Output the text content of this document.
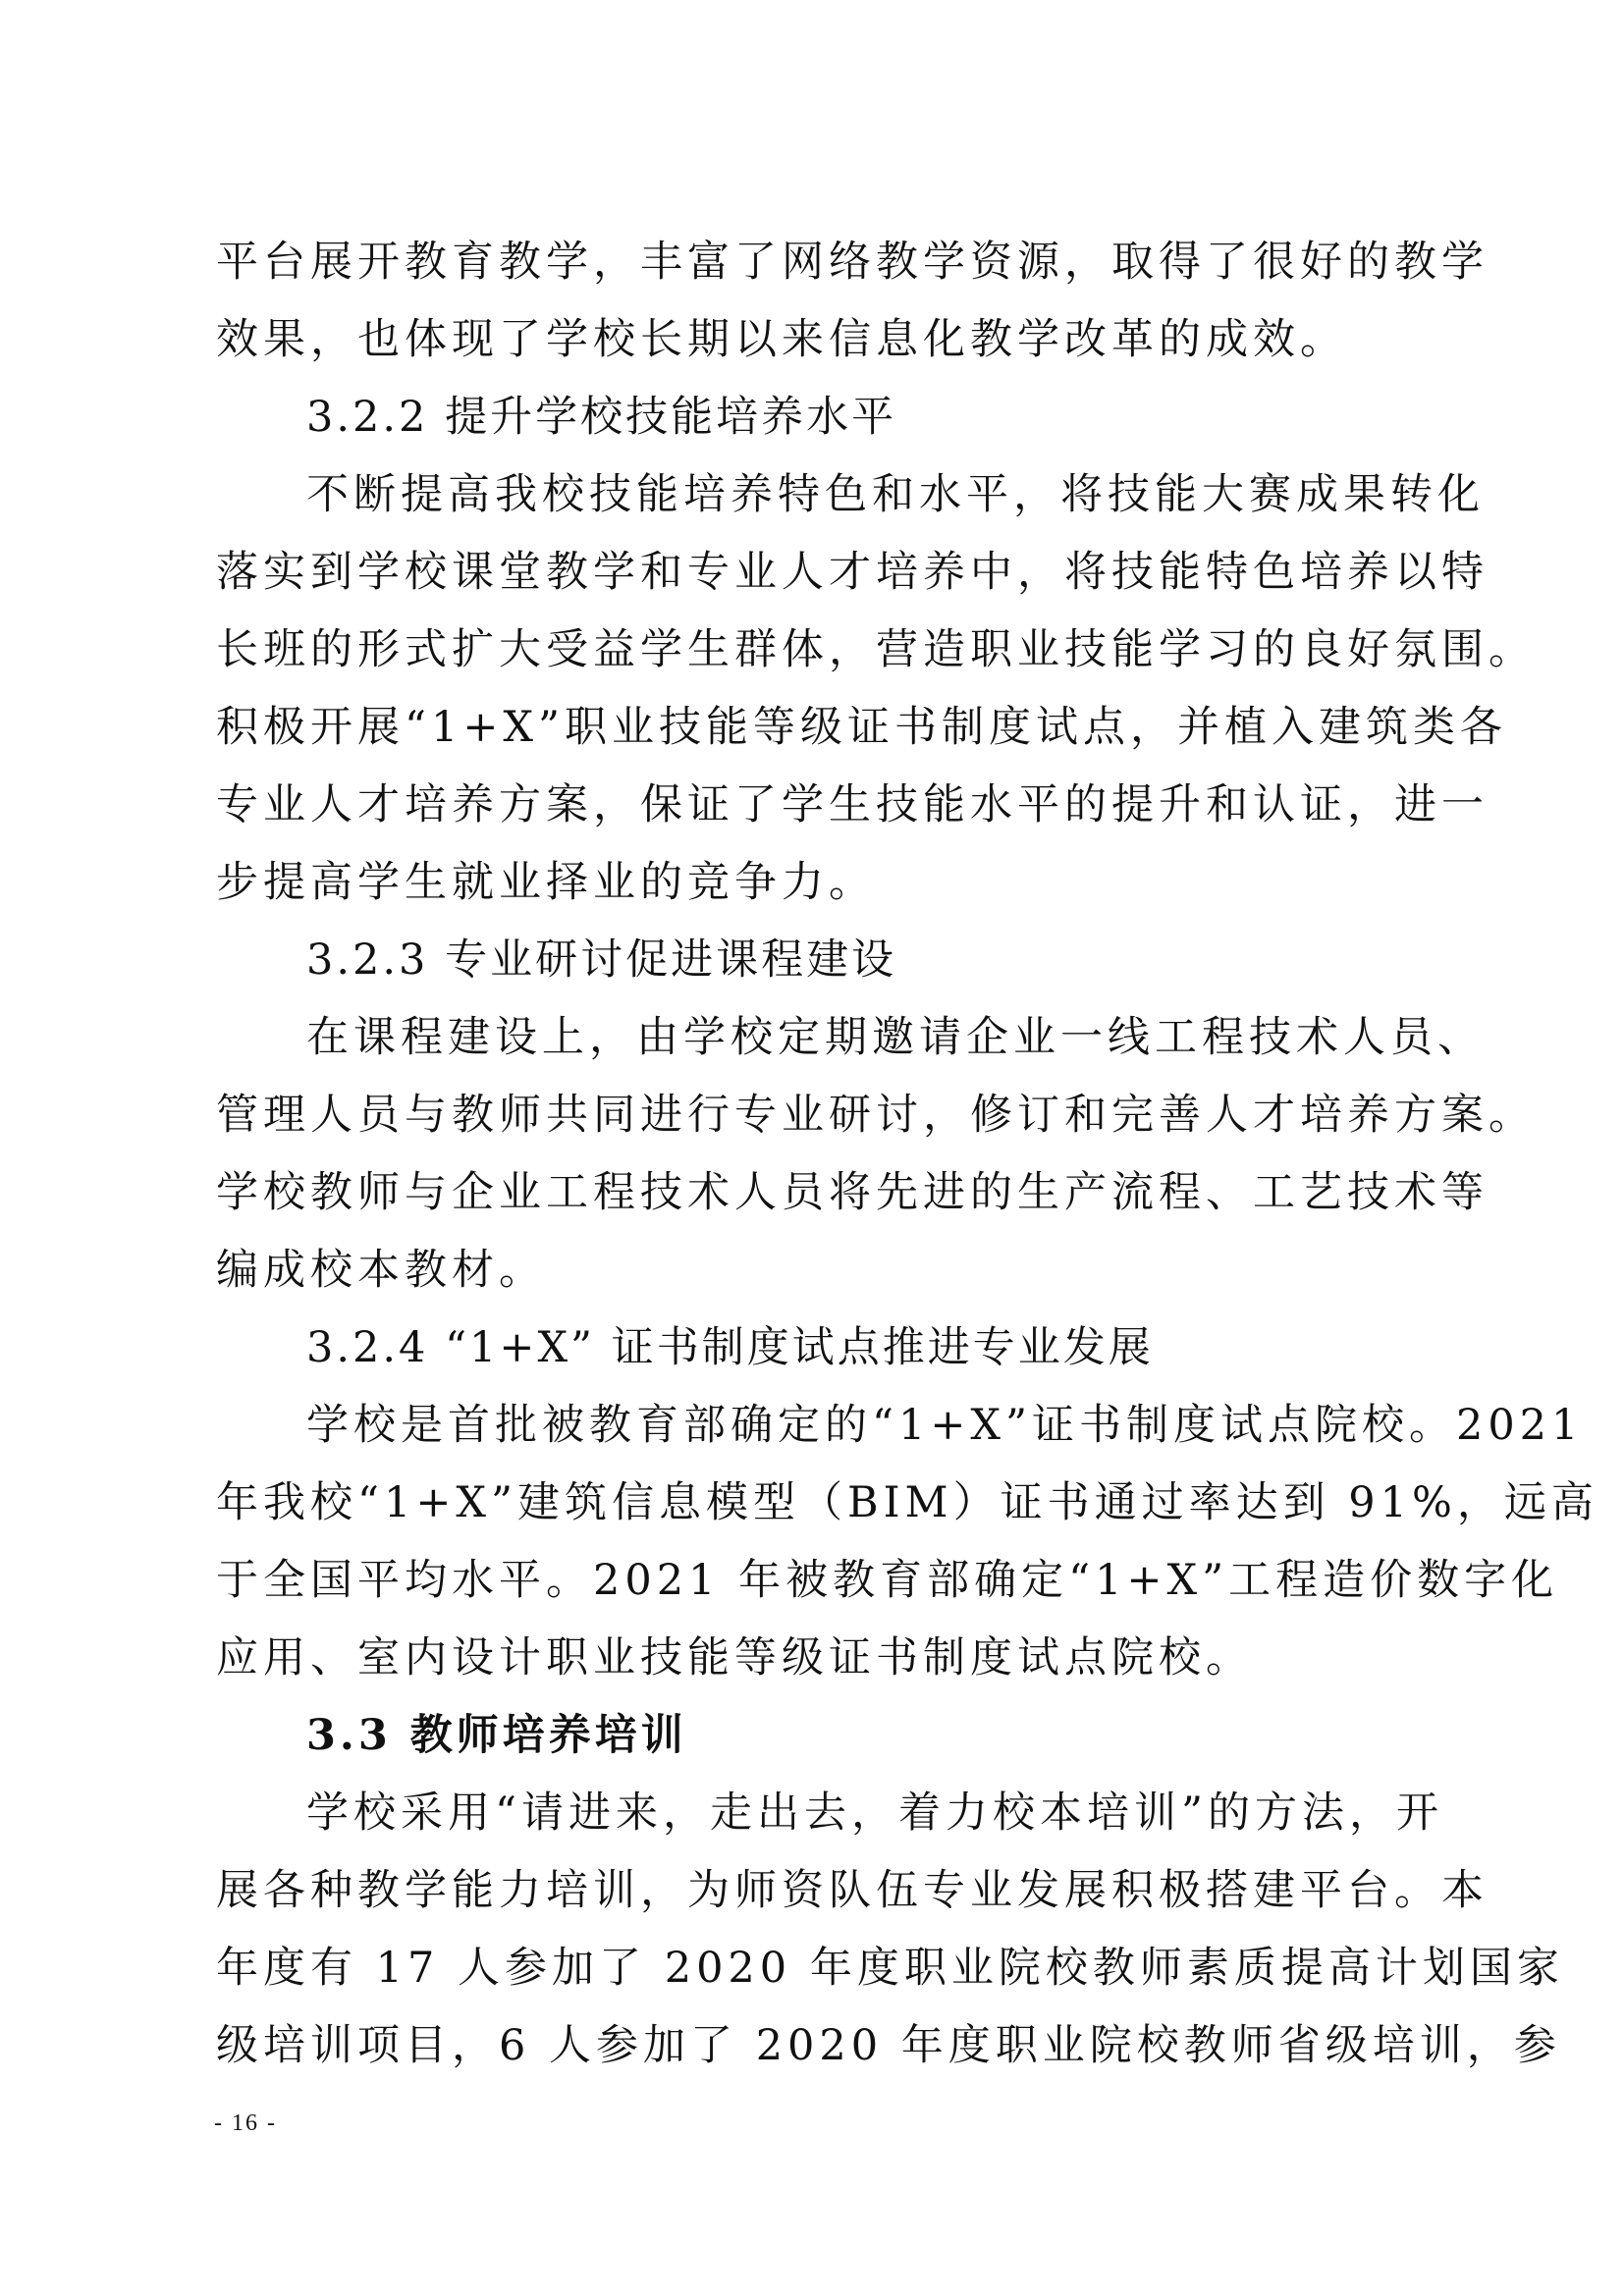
平台展开教育教学，丰富了网络教学资源，取得了很好的教学
效果，也体现了学校长期以来信息化教学改革的成效。
3.2.2 提升学校技能培养水平
不断提高我校技能培养特色和水平，将技能大赛成果转化
落实到学校课堂教学和专业人才培养中，将技能特色培养以特
长班的形式扩大受益学生群体，营造职业技能学习的良好氛围。
积极开展“1+X”职业技能等级证书制度试点，并植入建筑类各
专业人才培养方案，保证了学生技能水平的提升和认证，进一
步提高学生就业择业的竞争力。
3.2.3 专业研讨促进课程建设
在课程建设上，由学校定期邀请企业一线工程技术人员、
管理人员与教师共同进行专业研讨，修订和完善人才培养方案。
学校教师与企业工程技术人员将先进的生产流程、工艺技术等
编成校本教材。
3.2.4 “1+X” 证书制度试点推进专业发展
学校是首批被教育部确定的“1+X”证书制度试点院校。2021
年我校“1+X”建筑信息模型（BIM）证书通过率达到 91%，远高
于全国平均水平。2021 年被教育部确定“1+X”工程造价数字化
应用、室内设计职业技能等级证书制度试点院校。
3.3 教师培养培训
学校采用“请进来，走出去，着力校本培训”的方法，开
展各种教学能力培训，为师资队伍专业发展积极搭建平台。本
年度有 17 人参加了 2020 年度职业院校教师素质提高计划国家
级培训项目，6 人参加了 2020 年度职业院校教师省级培训，参
- 16 -
